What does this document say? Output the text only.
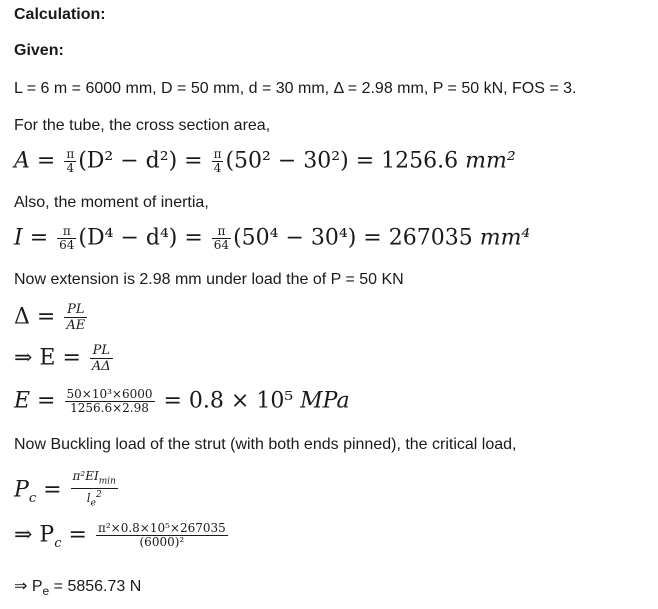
Calculation:
Given:
L = 6 m = 6000 mm, D = 50 mm, d = 30 mm, Δ = 2.98 mm, P = 50 kN, FOS = 3.
For the tube, the cross section area,
$A = \frac{\pi}{4} (D^2 - d^2) = \frac{\pi}{4} (50^2 - 30^2) = 1256.6$ mm²
Also, the moment of inertia,
$I = \frac{\pi}{64} (D^4 - d^4) = \frac{\pi}{64} (50^4 - 30^4) = 267035$ mm⁴
Now extension is 2.98 mm under load the of P = 50 KN
$\Delta = \frac{PL}{AE}$
⇒ $E = \frac{PL}{A\Delta}$
$E = \frac{\text{50×10³×6000}}{1256.6\times 2.98} = 0.8 \times 10^5$ MPa
Now Buckling load of the strut (with both ends pinned), the critical load,
$P_c = \frac{\pi^2EI_{min}}{l_e^2}$
⇒ $P_c = \frac{\text{π²×0.8×10⁵×267035}}{\text{(6000)²}}$
⇒ $P_e = 5856.73$ N
